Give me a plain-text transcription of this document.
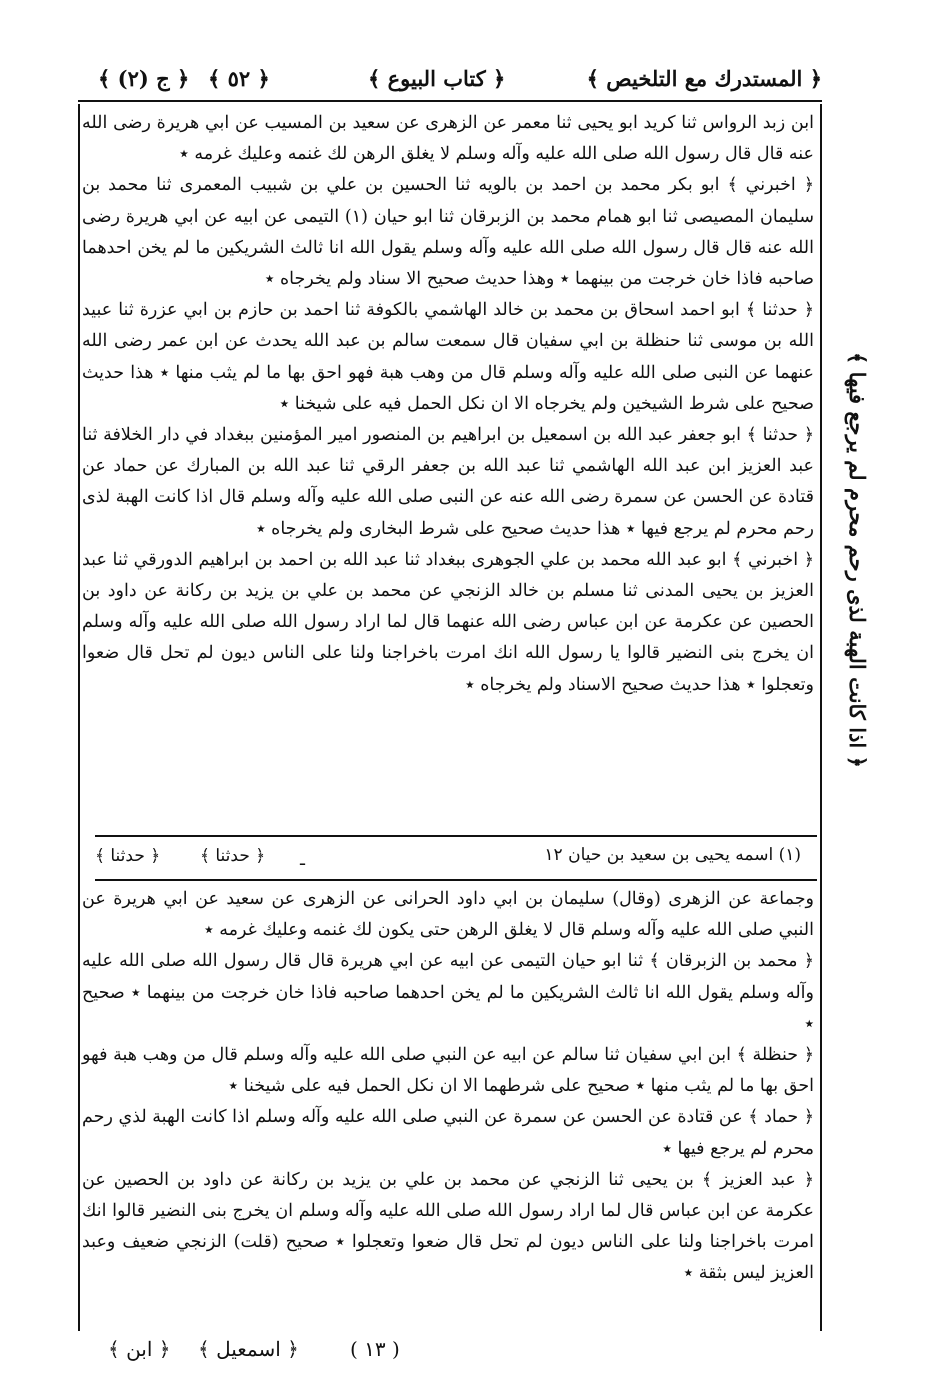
﴿ المستدرك مع التلخيص ﴾
﴿ كتاب البيوع ﴾
﴿ ٥٢ ﴾
﴿ ج (٢) ﴾

ابن زبد الرواس ثنا كريد ابو يحيى ثنا معمر عن الزهرى عن سعيد بن المسيب عن ابي هريرة رضى الله عنه قال قال رسول الله صلى الله عليه وآله وسلم لا يغلق الرهن لك غنمه وعليك غرمه ٭

﴿ اخبرني ﴾ ابو بكر محمد بن احمد بن بالويه ثنا الحسين بن علي بن شبيب المعمرى ثنا محمد بن سليمان المصيصى ثنا ابو همام محمد بن الزبرقان ثنا ابو حيان (١) التيمى عن ابيه عن ابي هريرة رضى الله عنه قال قال رسول الله صلى الله عليه وآله وسلم يقول الله انا ثالث الشريكين ما لم يخن احدهما صاحبه فاذا خان خرجت من بينهما ٭ وهذا حديث صحيح الا سناد ولم يخرجاه ٭

﴿ حدثنا ﴾ ابو احمد اسحاق بن محمد بن خالد الهاشمي بالكوفة ثنا احمد بن حازم بن ابي عزرة ثنا عبيد الله بن موسى ثنا حنظلة بن ابي سفيان قال سمعت سالم بن عبد الله يحدث عن ابن عمر رضى الله عنهما عن النبى صلى الله عليه وآله وسلم قال من وهب هبة فهو احق بها ما لم يثب منها ٭ هذا حديث صحيح على شرط الشيخين ولم يخرجاه الا ان نكل الحمل فيه على شيخنا ٭

﴿ حدثنا ﴾ ابو جعفر عبد الله بن اسمعيل بن ابراهيم بن المنصور امير المؤمنين ببغداد في دار الخلافة ثنا عبد العزيز ابن عبد الله الهاشمي ثنا عبد الله بن جعفر الرقي ثنا عبد الله بن المبارك عن حماد عن قتادة عن الحسن عن سمرة رضى الله عنه عن النبى صلى الله عليه وآله وسلم قال اذا كانت الهبة لذى رحم محرم لم يرجع فيها ٭ هذا حديث صحيح على شرط البخارى ولم يخرجاه ٭

﴿ اخبرني ﴾ ابو عبد الله محمد بن علي الجوهرى ببغداد ثنا عبد الله بن احمد بن ابراهيم الدورقي ثنا عبد العزيز بن يحيى المدنى ثنا مسلم بن خالد الزنجي عن محمد بن علي بن يزيد بن ركانة عن داود بن الحصين عن عكرمة عن ابن عباس رضى الله عنهما قال لما اراد رسول الله صلى الله عليه وآله وسلم ان يخرج بنى النضير قالوا يا رسول الله انك امرت باخراجنا ولنا على الناس ديون لم تحل قال ضعوا وتعجلوا ٭ هذا حديث صحيح الاسناد ولم يخرجاه ٭

(١) اسمه يحيى بن سعيد بن حيان ١٢
﴿ حدثنا ﴾
﴿ حدثنا ﴾	ـ

وجماعة عن الزهرى (وقال) سليمان بن ابي داود الحرانى عن الزهرى عن سعيد عن ابي هريرة عن النبي صلى الله عليه وآله وسلم قال لا يغلق الرهن حتى يكون لك غنمه وعليك غرمه ٭

﴿ محمد بن الزبرقان ﴾ ثنا ابو حيان التيمى عن ابيه عن ابي هريرة قال قال رسول الله صلى الله عليه وآله وسلم يقول الله انا ثالث الشريكين ما لم يخن احدهما صاحبه فاذا خان خرجت من بينهما ٭ صحيح ٭

﴿ حنظلة ﴾ ابن ابي سفيان ثنا سالم عن ابيه عن النبي صلى الله عليه وآله وسلم قال من وهب هبة فهو احق بها ما لم يثب منها ٭ صحيح على شرطهما الا ان نكل الحمل فيه على شيخنا ٭

﴿ حماد ﴾ عن قتادة عن الحسن عن سمرة عن النبي صلى الله عليه وآله وسلم اذا كانت الهبة لذي رحم محرم لم يرجع فيها ٭

﴿ عبد العزيز ﴾ بن يحيى ثنا الزنجي عن محمد بن علي بن يزيد بن ركانة عن داود بن الحصين عن عكرمة عن ابن عباس قال لما اراد رسول الله صلى الله عليه وآله وسلم ان يخرج بنى النضير قالوا انك امرت باخراجنا ولنا على الناس ديون لم تحل قال ضعوا وتعجلوا ٭ صحيح (قلت) الزنجي ضعيف وعبد العزيز ليس بثقة ٭

﴿ اذا كانت الهبة لذى رحم محرم لم يرجع فيها ﴾
( ١٣ )
﴿ اسمعيل ﴾
﴿ ابن ﴾
